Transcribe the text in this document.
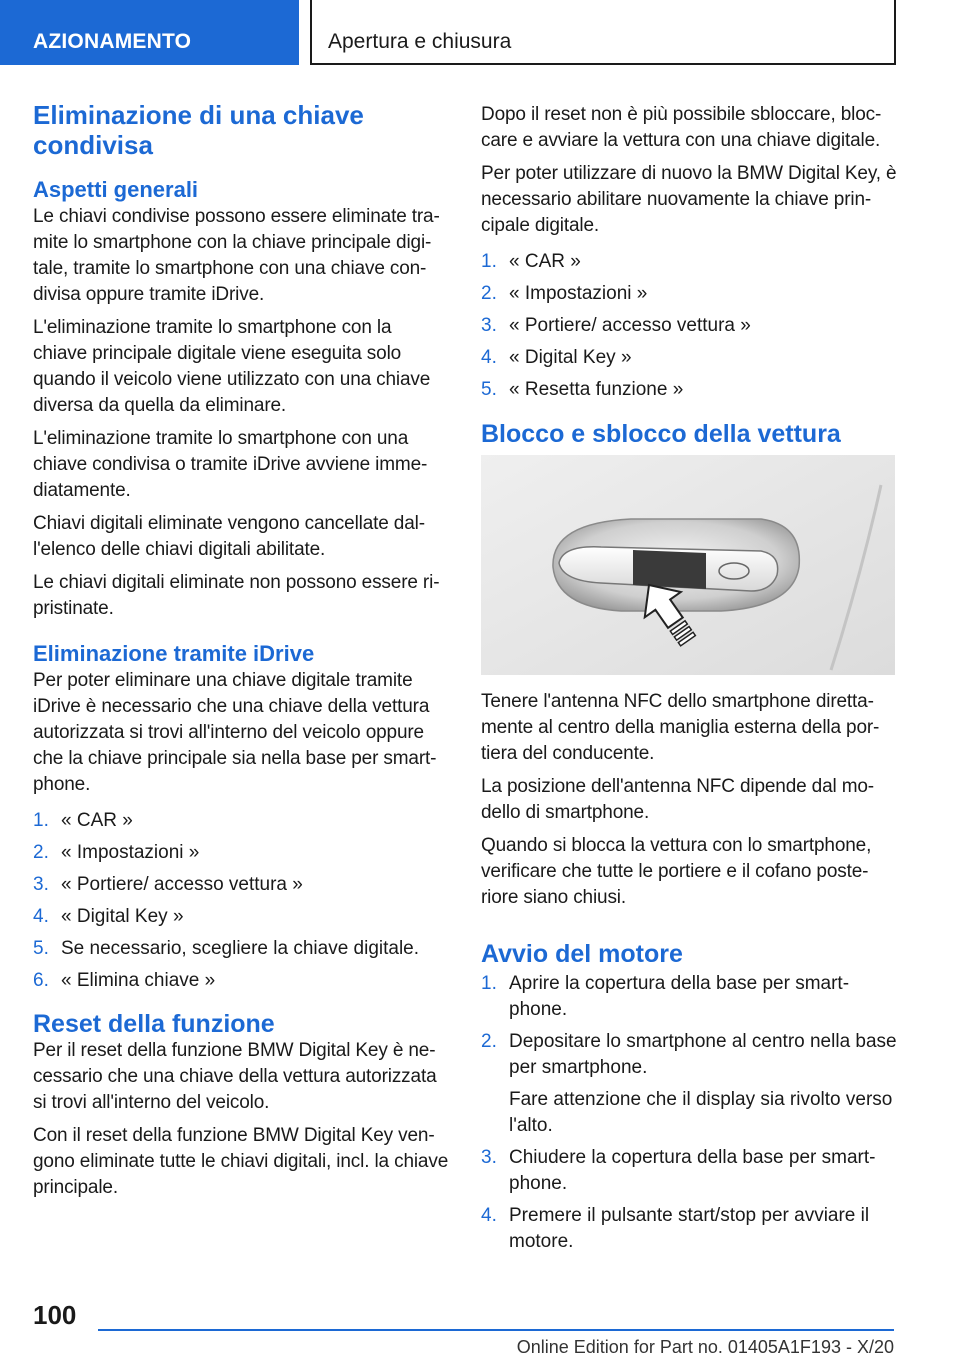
AZIONAMENTO	Apertura e chiusura
Eliminazione di una chiave condivisa
Aspetti generali

Le chiavi condivise possono essere eliminate tramite lo smartphone con la chiave principale digitale, tramite lo smartphone con una chiave condivisa oppure tramite iDrive.

L'eliminazione tramite lo smartphone con la chiave principale digitale viene eseguita solo quando il veicolo viene utilizzato con una chiave diversa da quella da eliminare.

L'eliminazione tramite lo smartphone con una chiave condivisa o tramite iDrive avviene immediatamente.

Chiavi digitali eliminate vengono cancellate dall'elenco delle chiavi digitali abilitate.

Le chiavi digitali eliminate non possono essere ripristinate.

Eliminazione tramite iDrive

Per poter eliminare una chiave digitale tramite iDrive è necessario che una chiave della vettura autorizzata si trovi all'interno del veicolo oppure che la chiave principale sia nella base per smartphone.

1. « CAR »
2. « Impostazioni »
3. « Portiere/ accesso vettura »
4. « Digital Key »
5. Se necessario, scegliere la chiave digitale.
6. « Elimina chiave »
Reset della funzione

Per il reset della funzione BMW Digital Key è necessario che una chiave della vettura autorizzata si trovi all'interno del veicolo.

Con il reset della funzione BMW Digital Key vengono eliminate tutte le chiavi digitali, incl. la chiave principale.

Dopo il reset non è più possibile sbloccare, bloccare e avviare la vettura con una chiave digitale.

Per poter utilizzare di nuovo la BMW Digital Key, è necessario abilitare nuovamente la chiave principale digitale.

1. « CAR »
2. « Impostazioni »
3. « Portiere/ accesso vettura »
4. « Digital Key »
5. « Resetta funzione »
Blocco e sblocco della vettura

Tenere l'antenna NFC dello smartphone direttamente al centro della maniglia esterna della portiera del conducente.

La posizione dell'antenna NFC dipende dal modello di smartphone.

Quando si blocca la vettura con lo smartphone, verificare che tutte le portiere e il cofano posteriore siano chiusi.

Avvio del motore
1. Aprire la copertura della base per smartphone.
2. Depositare lo smartphone al centro nella base per smartphone.
Fare attenzione che il display sia rivolto verso l'alto.
3. Chiudere la copertura della base per smartphone.
4. Premere il pulsante start/stop per avviare il motore.
100
Online Edition for Part no. 01405A1F193 - X/20
